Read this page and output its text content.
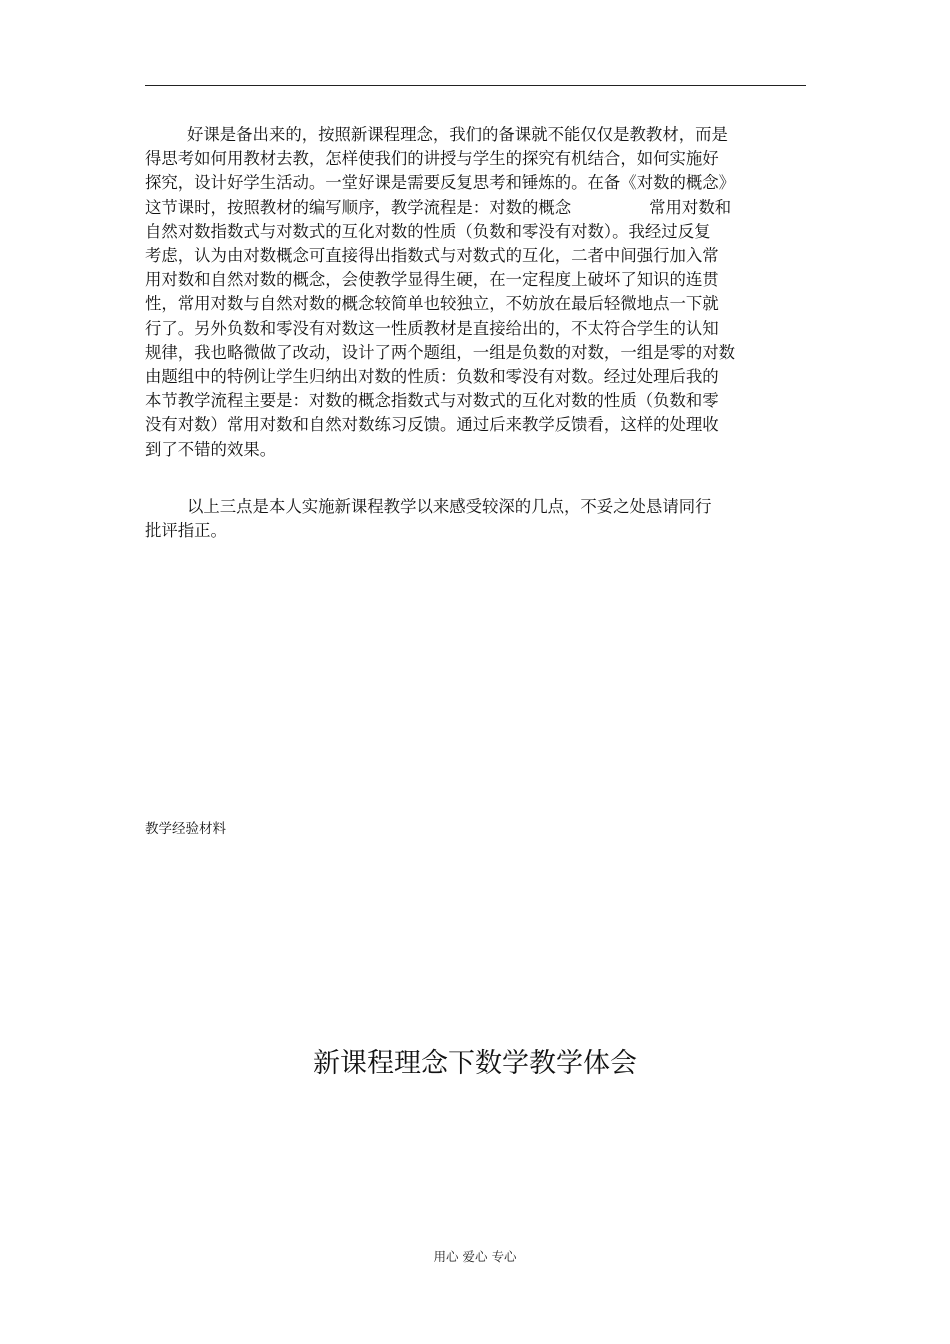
好课是备出来的，按照新课程理念，我们的备课就不能仅仅是教教材，而是
得思考如何用教材去教，怎样使我们的讲授与学生的探究有机结合，如何实施好
探究，设计好学生活动。一堂好课是需要反复思考和锤炼的。在备《对数的概念》
这节课时，按照教材的编写顺序，教学流程是：对数的概念	常用对数和
自然对数指数式与对数式的互化对数的性质（负数和零没有对数）。我经过反复
考虑，认为由对数概念可直接得出指数式与对数式的互化，二者中间强行加入常
用对数和自然对数的概念，会使教学显得生硬，在一定程度上破坏了知识的连贯
性，常用对数与自然对数的概念较简单也较独立，不妨放在最后轻微地点一下就
行了。另外负数和零没有对数这一性质教材是直接给出的，不太符合学生的认知
规律，我也略微做了改动，设计了两个题组，一组是负数的对数，一组是零的对数
由题组中的特例让学生归纳出对数的性质：负数和零没有对数。经过处理后我的
本节教学流程主要是：对数的概念指数式与对数式的互化对数的性质（负数和零
没有对数）常用对数和自然对数练习反馈。通过后来教学反馈看，这样的处理收
到了不错的效果。

以上三点是本人实施新课程教学以来感受较深的几点，不妥之处恳请同行
批评指正。

教学经验材料

新课程理念下数学教学体会

用心 爱心 专心
